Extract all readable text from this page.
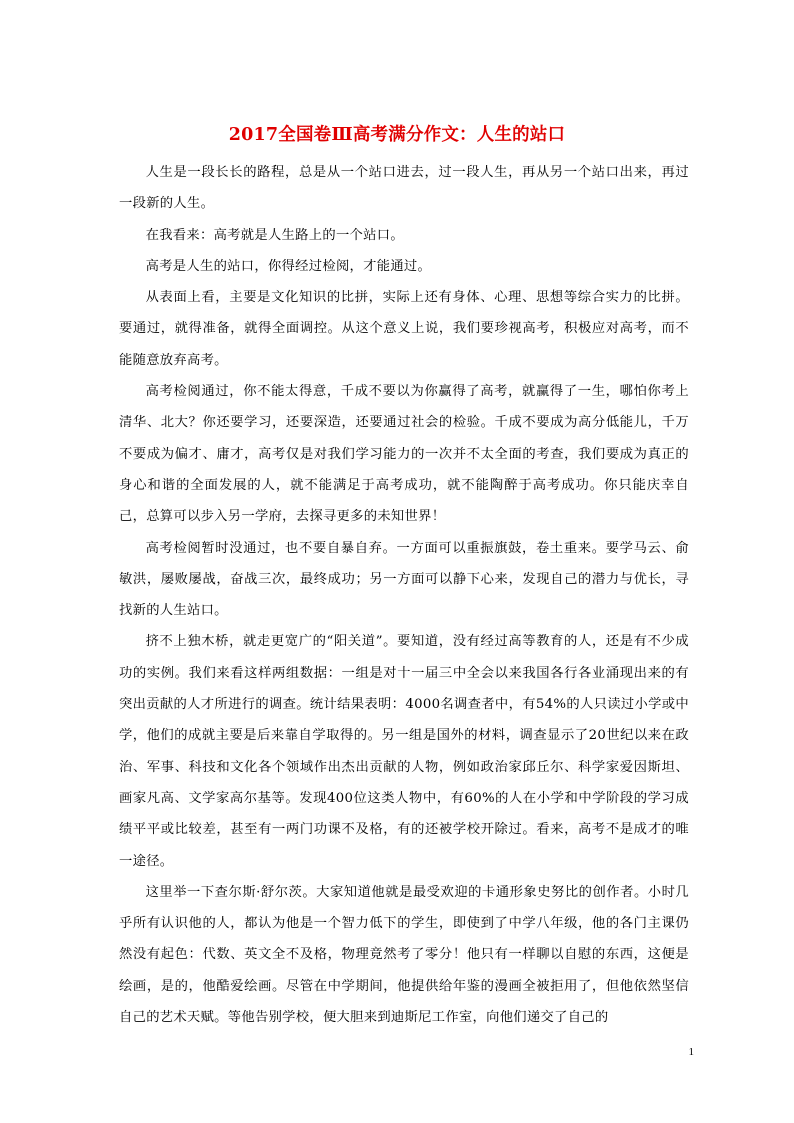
2017全国卷Ⅲ高考满分作文：人生的站口

人生是一段长长的路程，总是从一个站口进去，过一段人生，再从另一个站口出来，再过一段新的人生。

在我看来：高考就是人生路上的一个站口。

高考是人生的站口，你得经过检阅，才能通过。

从表面上看，主要是文化知识的比拼，实际上还有身体、心理、思想等综合实力的比拼。要通过，就得准备，就得全面调控。从这个意义上说，我们要珍视高考，积极应对高考，而不能随意放弃高考。

高考检阅通过，你不能太得意，千成不要以为你赢得了高考，就赢得了一生，哪怕你考上清华、北大？你还要学习，还要深造，还要通过社会的检验。千成不要成为高分低能儿，千万不要成为偏才、庸才，高考仅是对我们学习能力的一次并不太全面的考查，我们要成为真正的身心和谐的全面发展的人，就不能满足于高考成功，就不能陶醉于高考成功。你只能庆幸自己，总算可以步入另一学府，去探寻更多的未知世界！

高考检阅暂时没通过，也不要自暴自弃。一方面可以重振旗鼓，卷土重来。要学马云、俞敏洪，屡败屡战，奋战三次，最终成功；另一方面可以静下心来，发现自己的潜力与优长，寻找新的人生站口。

挤不上独木桥，就走更宽广的“阳关道”。要知道，没有经过高等教育的人，还是有不少成功的实例。我们来看这样两组数据：一组是对十一届三中全会以来我国各行各业涌现出来的有突出贡献的人才所进行的调查。统计结果表明：4000名调查者中，有54%的人只读过小学或中学，他们的成就主要是后来靠自学取得的。另一组是国外的材料，调查显示了20世纪以来在政治、军事、科技和文化各个领域作出杰出贡献的人物，例如政治家邱丘尔、科学家爱因斯坦、画家凡高、文学家高尔基等。发现400位这类人物中，有60%的人在小学和中学阶段的学习成绩平平或比较差，甚至有一两门功课不及格，有的还被学校开除过。看来，高考不是成才的唯一途径。

这里举一下查尔斯·舒尔茨。大家知道他就是最受欢迎的卡通形象史努比的创作者。小时几乎所有认识他的人，都认为他是一个智力低下的学生，即使到了中学八年级，他的各门主课仍然没有起色：代数、英文全不及格，物理竟然考了零分！他只有一样聊以自慰的东西，这便是绘画，是的，他酷爱绘画。尽管在中学期间，他提供给年鉴的漫画全被拒用了，但他依然坚信自己的艺术天赋。等他告别学校，便大胆来到迪斯尼工作室，向他们递交了自己的

1
